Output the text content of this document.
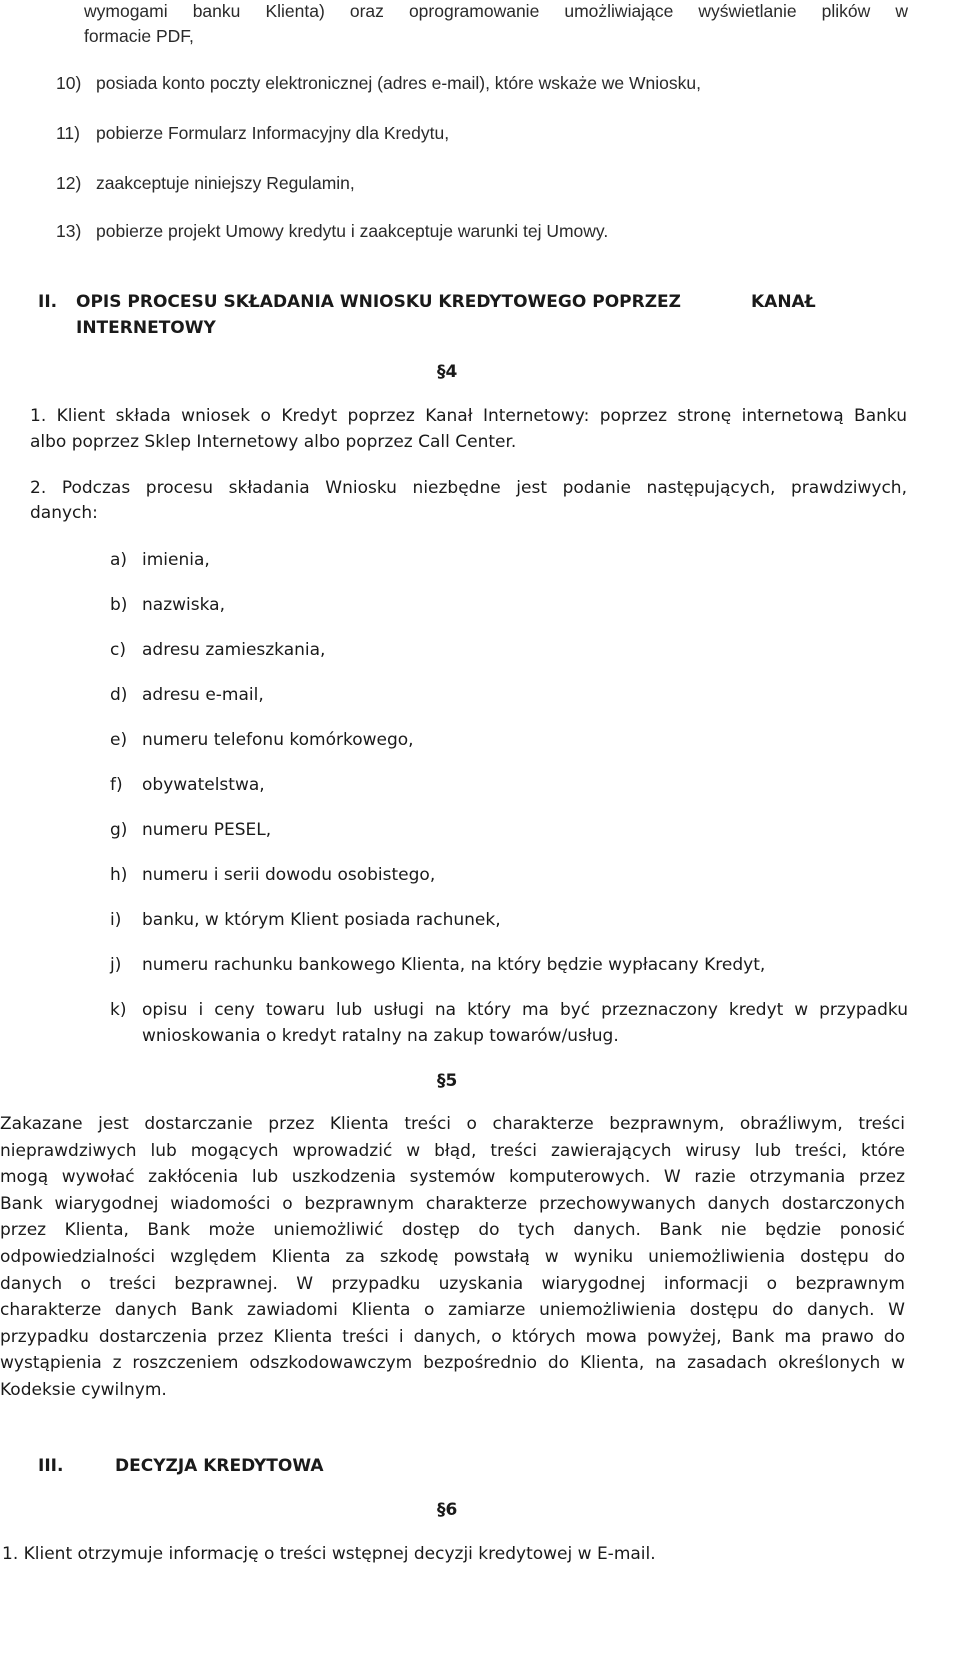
wymogami banku Klienta) oraz oprogramowanie umożliwiające wyświetlanie plików w
formacie PDF,
10) posiada konto poczty elektronicznej (adres e-mail), które wskaże we Wniosku,
11) pobierze Formularz Informacyjny dla Kredytu,
12) zaakceptuje niniejszy Regulamin,
13) pobierze projekt Umowy kredytu i zaakceptuje warunki tej Umowy.
II. OPIS PROCESU SKŁADANIA WNIOSKU KREDYTOWEGO POPRZEZ	KANAŁ
INTERNETOWY
§4
1. Klient składa wniosek o Kredyt poprzez Kanał Internetowy: poprzez stronę internetową Banku
albo poprzez Sklep Internetowy albo poprzez Call Center.
2. Podczas procesu składania Wniosku niezbędne jest podanie następujących, prawdziwych,
danych:
a) imienia,
b) nazwiska,
c) adresu zamieszkania,
d) adresu e-mail,
e) numeru telefonu komórkowego,
f) obywatelstwa,
g) numeru PESEL,
h) numeru i serii dowodu osobistego,
i) banku, w którym Klient posiada rachunek,
j) numeru rachunku bankowego Klienta, na który będzie wypłacany Kredyt,
k) opisu i ceny towaru lub usługi na który ma być przeznaczony kredyt w przypadku
wnioskowania o kredyt ratalny na zakup towarów/usług.
§5
Zakazane jest dostarczanie przez Klienta treści o charakterze bezprawnym, obraźliwym, treści
nieprawdziwych lub mogących wprowadzić w błąd, treści zawierających wirusy lub treści, które
mogą wywołać zakłócenia lub uszkodzenia systemów komputerowych. W razie otrzymania przez
Bank wiarygodnej wiadomości o bezprawnym charakterze przechowywanych danych dostarczonych
przez Klienta, Bank może uniemożliwić dostęp do tych danych. Bank nie będzie ponosić
odpowiedzialności względem Klienta za szkodę powstałą w wyniku uniemożliwienia dostępu do
danych o treści bezprawnej. W przypadku uzyskania wiarygodnej informacji o bezprawnym
charakterze danych Bank zawiadomi Klienta o zamiarze uniemożliwienia dostępu do danych. W
przypadku dostarczenia przez Klienta treści i danych, o których mowa powyżej, Bank ma prawo do
wystąpienia z roszczeniem odszkodowawczym bezpośrednio do Klienta, na zasadach określonych w
Kodeksie cywilnym.
III.	DECYZJA KREDYTOWA
§6
1. Klient otrzymuje informację o treści wstępnej decyzji kredytowej w E-mail.
